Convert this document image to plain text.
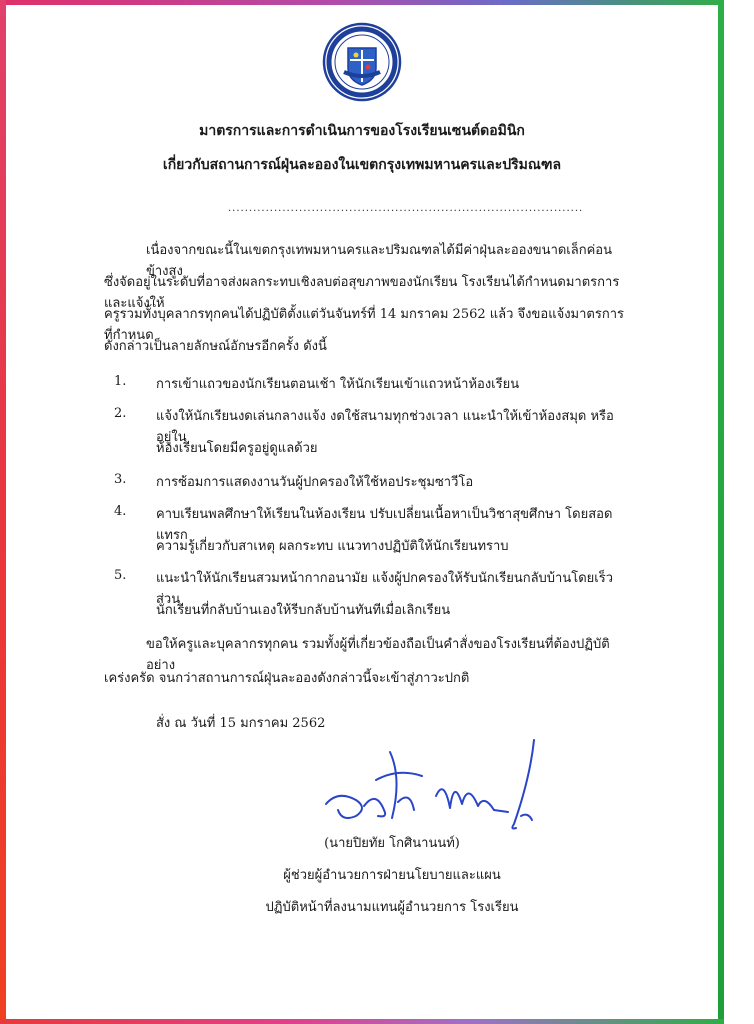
มาตรการและการดำเนินการของโรงเรียนเซนต์ดอมินิก
เกี่ยวกับสถานการณ์ฝุ่นละอองในเขตกรุงเทพมหานครและปริมณฑล
.....................................................................................
เนื่องจากขณะนี้ในเขตกรุงเทพมหานครและปริมณฑลได้มีค่าฝุ่นละอองขนาดเล็กค่อนข้างสูง
ซึ่งจัดอยู่ในระดับที่อาจส่งผลกระทบเชิงลบต่อสุขภาพของนักเรียน โรงเรียนได้กำหนดมาตรการและแจ้งให้
ครูรวมทั้งบุคลากรทุกคนได้ปฏิบัติตั้งแต่วันจันทร์ที่ 14 มกราคม 2562 แล้ว จึงขอแจ้งมาตรการที่กำหนด
ดังกล่าวเป็นลายลักษณ์อักษรอีกครั้ง ดังนี้
1. การเข้าแถวของนักเรียนตอนเช้า ให้นักเรียนเข้าแถวหน้าห้องเรียน
2. แจ้งให้นักเรียนงดเล่นกลางแจ้ง งดใช้สนามทุกช่วงเวลา แนะนำให้เข้าห้องสมุด หรืออยู่ใน
ห้องเรียนโดยมีครูอยู่ดูแลด้วย
3. การซ้อมการแสดงงานวันผู้ปกครองให้ใช้หอประชุมซาวีโอ
4. คาบเรียนพลศึกษาให้เรียนในห้องเรียน ปรับเปลี่ยนเนื้อหาเป็นวิชาสุขศึกษา โดยสอดแทรก
ความรู้เกี่ยวกับสาเหตุ ผลกระทบ แนวทางปฏิบัติให้นักเรียนทราบ
5. แนะนำให้นักเรียนสวมหน้ากากอนามัย แจ้งผู้ปกครองให้รับนักเรียนกลับบ้านโดยเร็ว ส่วน
นักเรียนที่กลับบ้านเองให้รีบกลับบ้านทันทีเมื่อเลิกเรียน
ขอให้ครูและบุคลากรทุกคน รวมทั้งผู้ที่เกี่ยวข้องถือเป็นคำสั่งของโรงเรียนที่ต้องปฏิบัติอย่าง
เคร่งครัด จนกว่าสถานการณ์ฝุ่นละอองดังกล่าวนี้จะเข้าสู่ภาวะปกติ
สั่ง ณ วันที่ 15 มกราคม 2562
(นายปิยทัย โกศินานนท์)
ผู้ช่วยผู้อำนวยการฝ่ายนโยบายและแผน
ปฏิบัติหน้าที่ลงนามแทนผู้อำนวยการ โรงเรียน
